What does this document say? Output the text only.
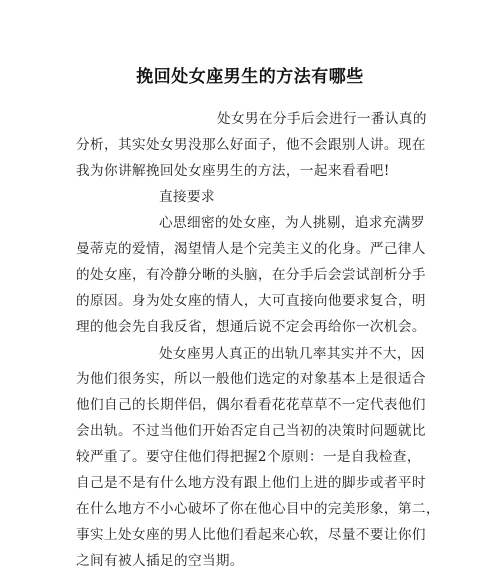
挽回处女座男生的方法有哪些
处女男在分手后会进行一番认真的
分析，其实处女男没那么好面子，他不会跟别人讲。现在
我为你讲解挽回处女座男生的方法，一起来看看吧!
直接要求
心思细密的处女座，为人挑剔，追求充满罗
曼蒂克的爱情，渴望情人是个完美主义的化身。严己律人
的处女座，有冷静分晰的头脑，在分手后会尝试剖析分手
的原因。身为处女座的情人，大可直接向他要求复合，明
理的他会先自我反省，想通后说不定会再给你一次机会。
处女座男人真正的出轨几率其实并不大，因
为他们很务实，所以一般他们选定的对象基本上是很适合
他们自己的长期伴侣，偶尔看看花花草草不一定代表他们
会出轨。不过当他们开始否定自己当初的决策时问题就比
较严重了。要守住他们得把握2个原则：一是自我检查，
自己是不是有什么地方没有跟上他们上进的脚步或者平时
在什么地方不小心破坏了你在他心目中的完美形象，第二，
事实上处女座的男人比他们看起来心软，尽量不要让你们
之间有被人插足的空当期。
